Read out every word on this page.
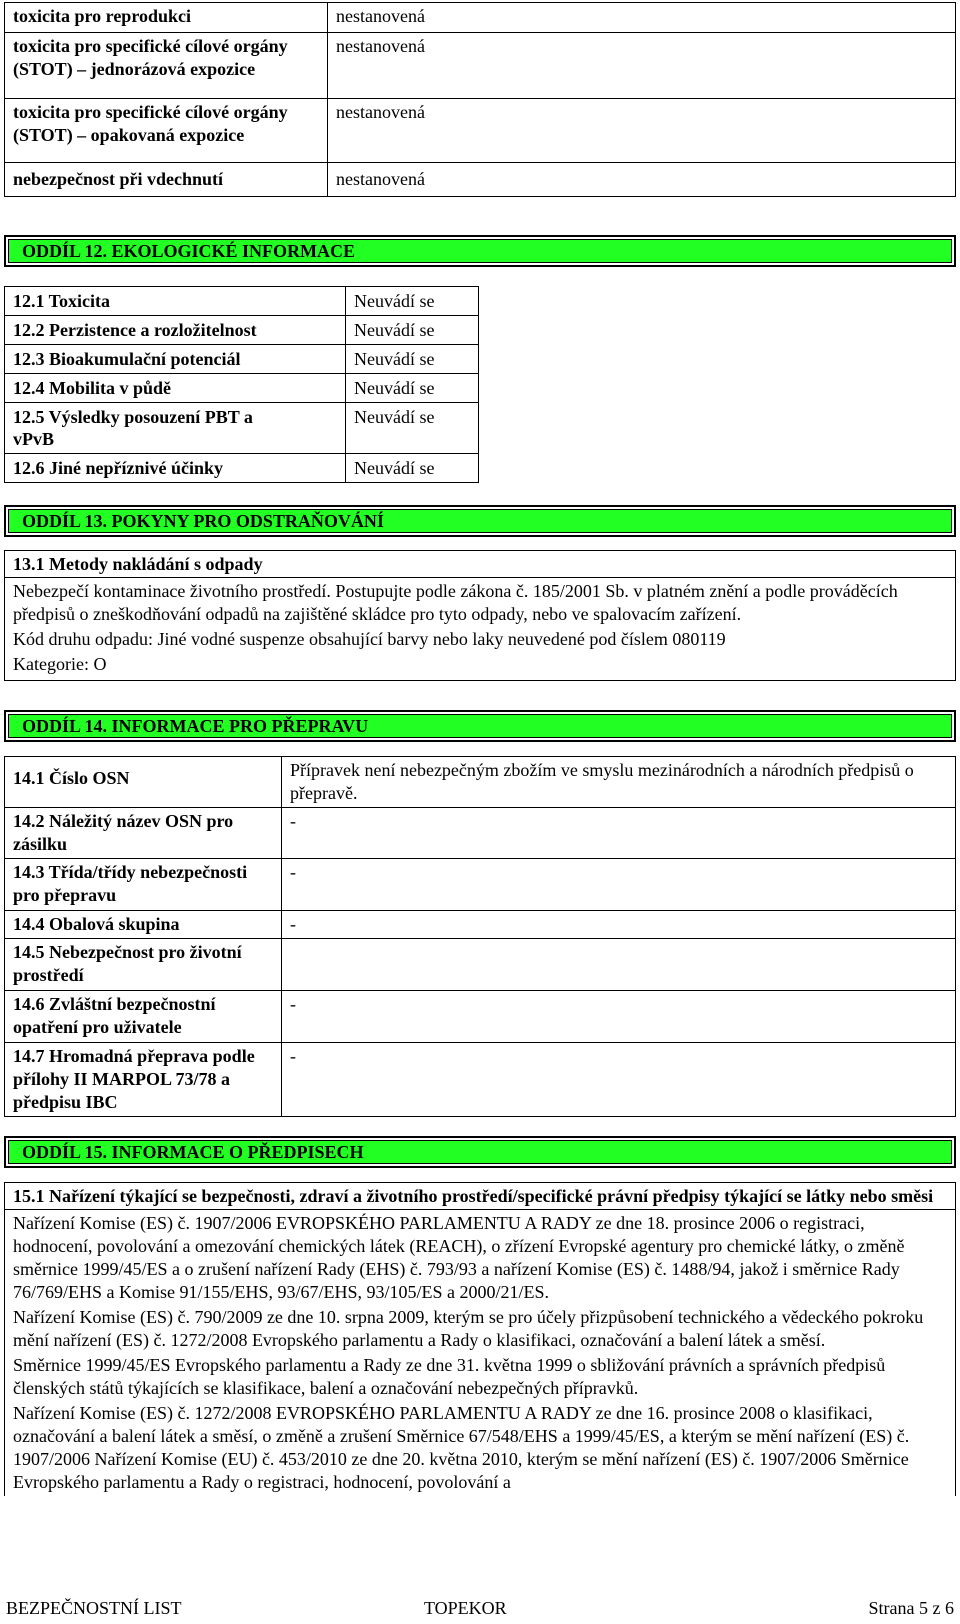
toxicita pro reprodukci	nestanovená
toxicita pro specifické cílové orgány (STOT) – jednorázová expozice	nestanovená
toxicita pro specifické cílové orgány (STOT) – opakovaná expozice	nestanovená
nebezpečnost při vdechnutí	nestanovená
ODDÍL 12. EKOLOGICKÉ INFORMACE
12.1 Toxicita	Neuvádí se
12.2 Perzistence a rozložitelnost	Neuvádí se
12.3 Bioakumulační potenciál	Neuvádí se
12.4 Mobilita v půdě	Neuvádí se
12.5 Výsledky posouzení PBT a vPvB	Neuvádí se
12.6 Jiné nepříznivé účinky	Neuvádí se
ODDÍL 13. POKYNY PRO ODSTRAŇOVÁNÍ
13.1 Metody nakládání s odpady
Nebezpečí kontaminace životního prostředí. Postupujte podle zákona č. 185/2001 Sb. v platném znění a podle prováděcích předpisů o zneškodňování odpadů na zajištěné skládce pro tyto odpady, nebo ve spalovacím zařízení.
Kód druhu odpadu: Jiné vodné suspenze obsahující barvy nebo laky neuvedené pod číslem 080119
Kategorie: O
ODDÍL 14. INFORMACE PRO PŘEPRAVU
14.1 Číslo OSN	Přípravek není nebezpečným zbožím ve smyslu mezinárodních a národních předpisů o přepravě.
14.2 Náležitý název OSN pro zásilku	-
14.3 Třída/třídy nebezpečnosti pro přepravu	-
14.4 Obalová skupina	-
14.5 Nebezpečnost pro životní prostředí	
14.6 Zvláštní bezpečnostní opatření pro uživatele	-
14.7 Hromadná přeprava podle přílohy II MARPOL 73/78 a předpisu IBC	-
ODDÍL 15. INFORMACE O PŘEDPISECH
15.1 Nařízení týkající se bezpečnosti, zdraví a životního prostředí/specifické právní předpisy týkající se látky nebo směsi
Nařízení Komise (ES) č. 1907/2006 EVROPSKÉHO PARLAMENTU A RADY ze dne 18. prosince 2006 o registraci, hodnocení, povolování a omezování chemických látek (REACH), o zřízení Evropské agentury pro chemické látky, o změně směrnice 1999/45/ES a o zrušení nařízení Rady (EHS) č. 793/93 a nařízení Komise (ES) č. 1488/94, jakož i směrnice Rady 76/769/EHS a Komise 91/155/EHS, 93/67/EHS, 93/105/ES a 2000/21/ES.
Nařízení Komise (ES) č. 790/2009 ze dne 10. srpna 2009, kterým se pro účely přizpůsobení technického a vědeckého pokroku mění nařízení (ES) č. 1272/2008 Evropského parlamentu a Rady o klasifikaci, označování a balení látek a směsí.
Směrnice 1999/45/ES Evropského parlamentu a Rady ze dne 31. května 1999 o sbližování právních a správních předpisů členských států týkajících se klasifikace, balení a označování nebezpečných přípravků.
Nařízení Komise (ES) č. 1272/2008 EVROPSKÉHO PARLAMENTU A RADY ze dne 16. prosince 2008 o klasifikaci, označování a balení látek a směsí, o změně a zrušení Směrnice 67/548/EHS a 1999/45/ES, a kterým se mění nařízení (ES) č. 1907/2006 Nařízení Komise (EU) č. 453/2010 ze dne 20. května 2010, kterým se mění nařízení (ES) č. 1907/2006 Směrnice Evropského parlamentu a Rady o registraci, hodnocení, povolování a
BEZPEČNOSTNÍ LIST	TOPEKOR	Strana 5 z 6
